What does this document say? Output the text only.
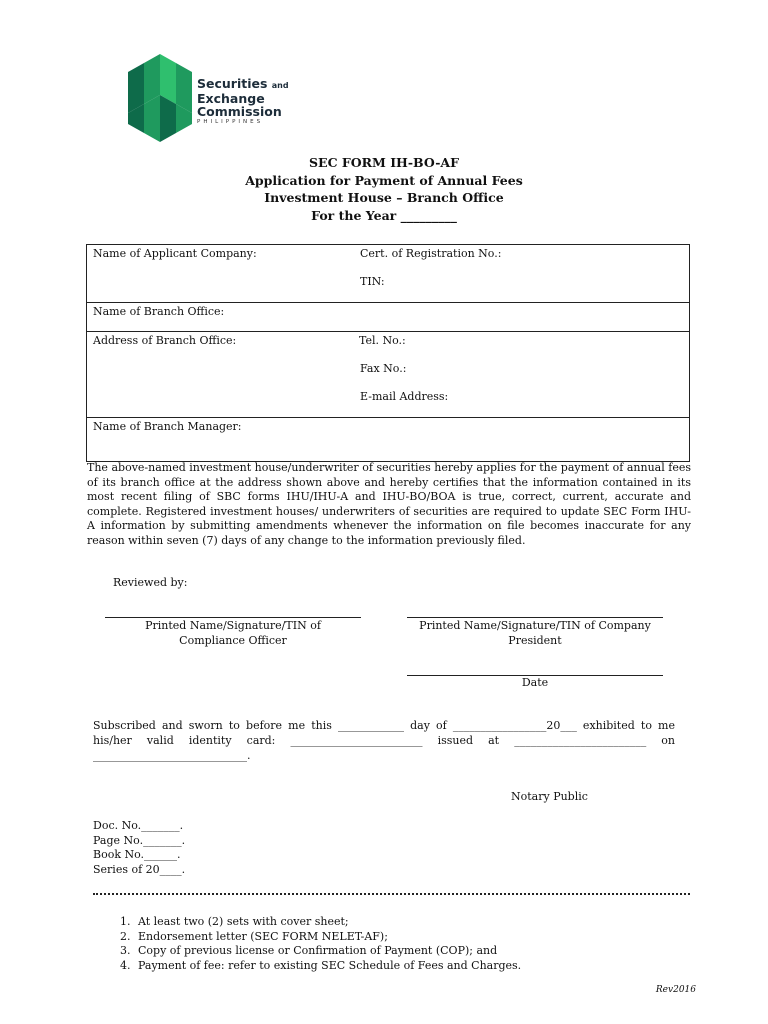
Securities and
Exchange
Commission
PHILIPPINES
SEC FORM IH-BO-AF
Application for Payment of Annual Fees
Investment House – Branch Office
For the Year _________
Name of Applicant Company:	Cert. of Registration No.:
TIN:
Name of Branch Office:
Address of Branch Office:	Tel. No.:
Fax No.:
E-mail Address:
Name of Branch Manager:
The above-named investment house/underwriter of securities hereby applies for the payment of annual fees of its branch office at the address shown above and hereby certifies that the information contained in its most recent filing of SBC forms IHU/IHU-A and IHU-BO/BOA is true, correct, current, accurate and complete. Registered investment houses/ underwriters of securities are required to update SEC Form IHU-A information by submitting amendments whenever the information on file becomes inaccurate for any reason within seven (7) days of any change to the information previously filed.
Reviewed by:
Printed Name/Signature/TIN of
Compliance Officer
Printed Name/Signature/TIN of Company
President
Date
Subscribed and sworn to before me this ____________ day of _________________20___ exhibited to me his/her valid identity card: ________________________ issued at ________________________ on ____________________________.
Notary Public
Doc. No._______.
Page No._______.
Book No.______.
Series of 20____.
1. At least two (2) sets with cover sheet;
2. Endorsement letter (SEC FORM NELET-AF);
3. Copy of previous license or Confirmation of Payment (COP); and
4. Payment of fee: refer to existing SEC Schedule of Fees and Charges.
Rev2016
